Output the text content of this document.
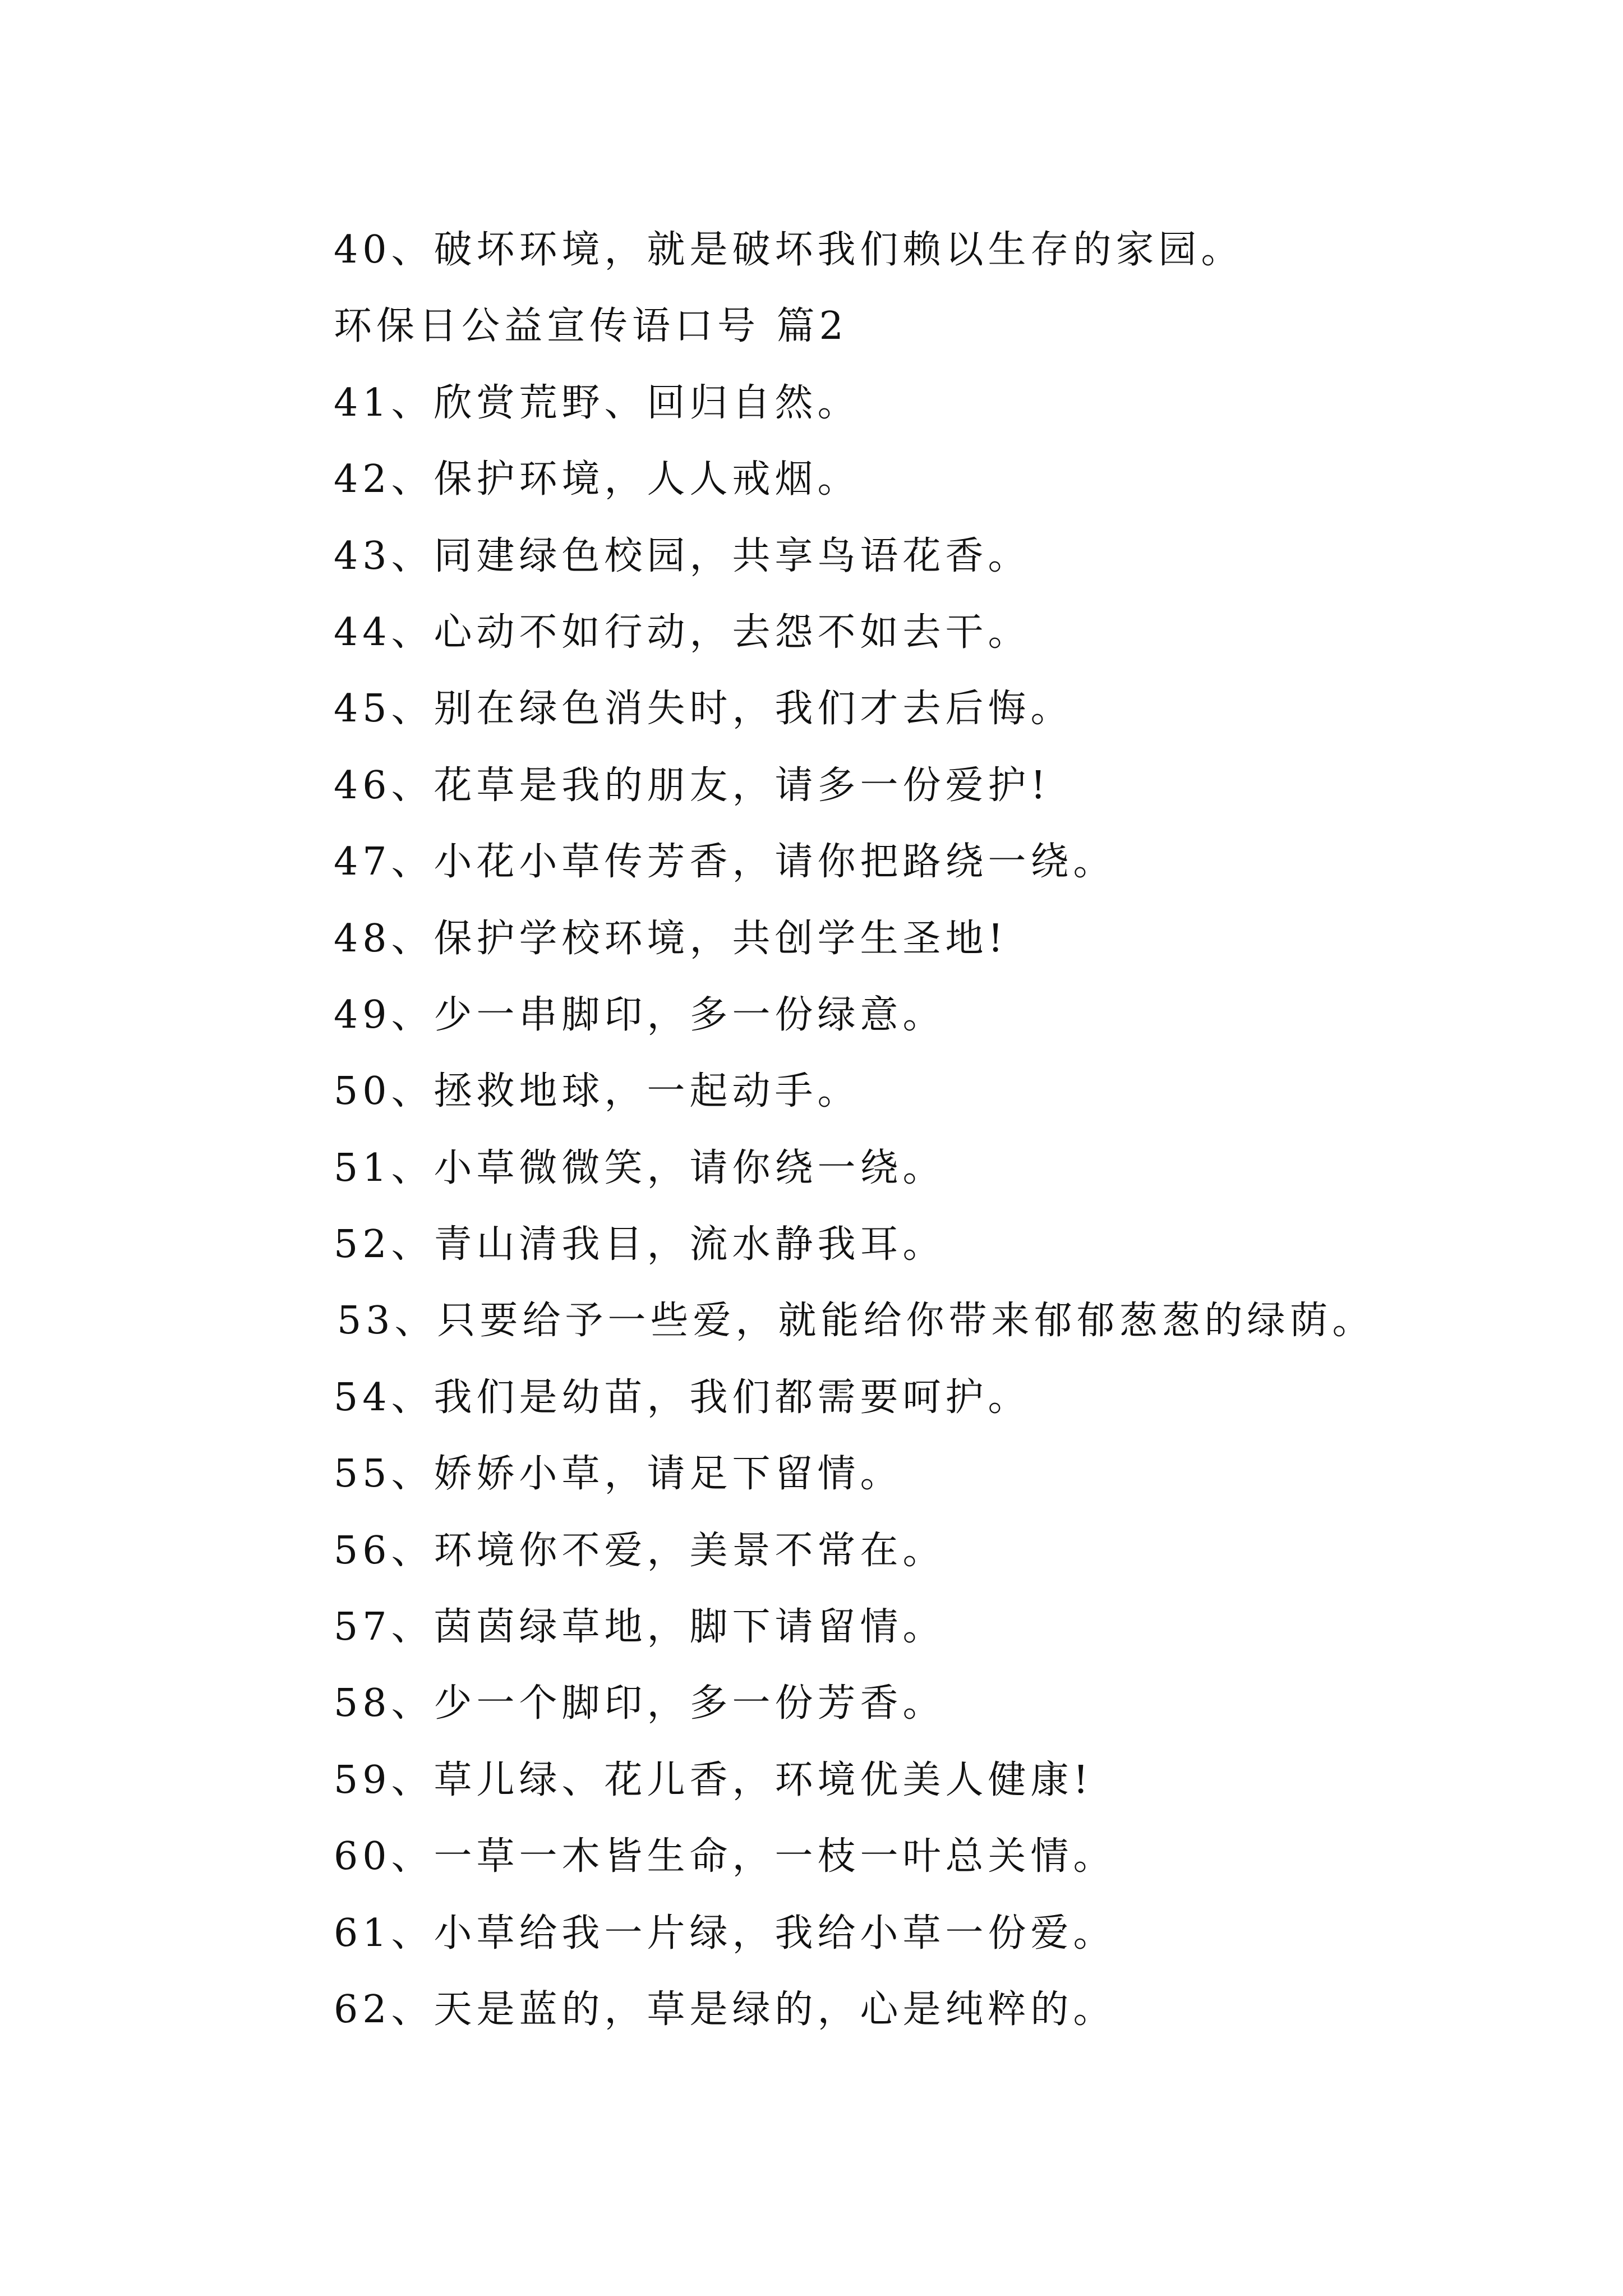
40、破坏环境，就是破坏我们赖以生存的家园。
环保日公益宣传语口号 篇2
41、欣赏荒野、回归自然。
42、保护环境，人人戒烟。
43、同建绿色校园，共享鸟语花香。
44、心动不如行动，去怨不如去干。
45、别在绿色消失时，我们才去后悔。
46、花草是我的朋友，请多一份爱护!
47、小花小草传芳香，请你把路绕一绕。
48、保护学校环境，共创学生圣地!
49、少一串脚印，多一份绿意。
50、拯救地球，一起动手。
51、小草微微笑，请你绕一绕。
52、青山清我目，流水静我耳。
53、只要给予一些爱，就能给你带来郁郁葱葱的绿荫。
54、我们是幼苗，我们都需要呵护。
55、娇娇小草，请足下留情。
56、环境你不爱，美景不常在。
57、茵茵绿草地，脚下请留情。
58、少一个脚印，多一份芳香。
59、草儿绿、花儿香，环境优美人健康!
60、一草一木皆生命，一枝一叶总关情。
61、小草给我一片绿，我给小草一份爱。
62、天是蓝的，草是绿的，心是纯粹的。
